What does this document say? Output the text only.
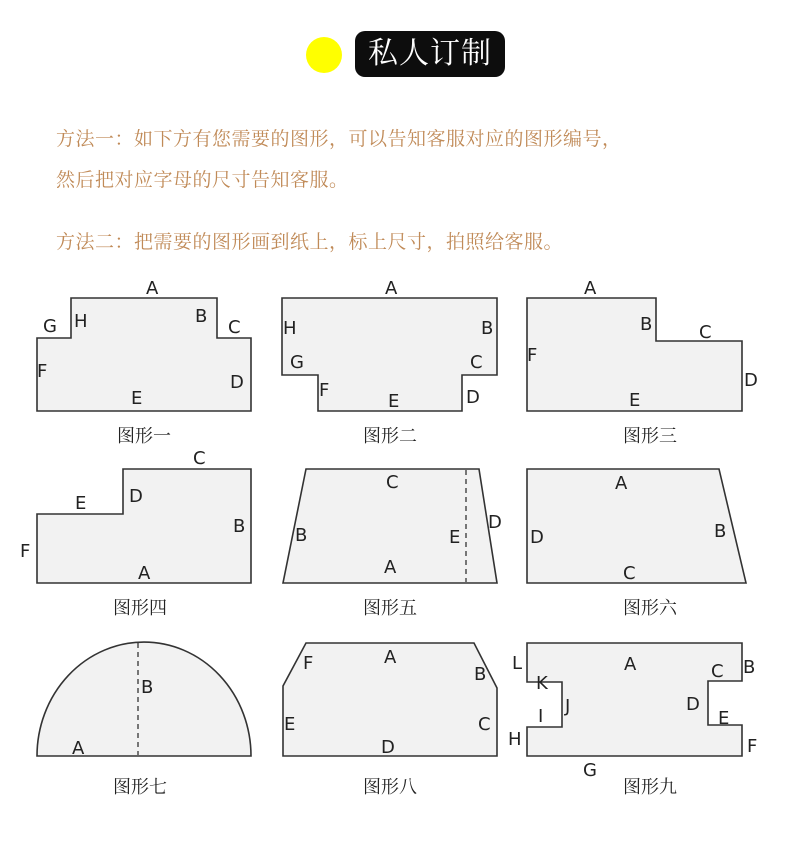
私人订制
方法一：如下方有您需要的图形，可以告知客服对应的图形编号，
然后把对应字母的尺寸告知客服。
方法二：把需要的图形画到纸上，标上尺寸，拍照给客服。
A
H	B
G	C
F
D
E
图形一
A
H	B
G	C
F
E	D
图形二
A
B	C
F
E
D
图形三
C
E D
B
F
A
图形四
C
D
B	E
A
图形五
A
D	B
C
图形六
B
A
图形七
A
F
B
E	C
D
图形八
L	A	C B
K
J	D
I	E
H	F
G
图形九
